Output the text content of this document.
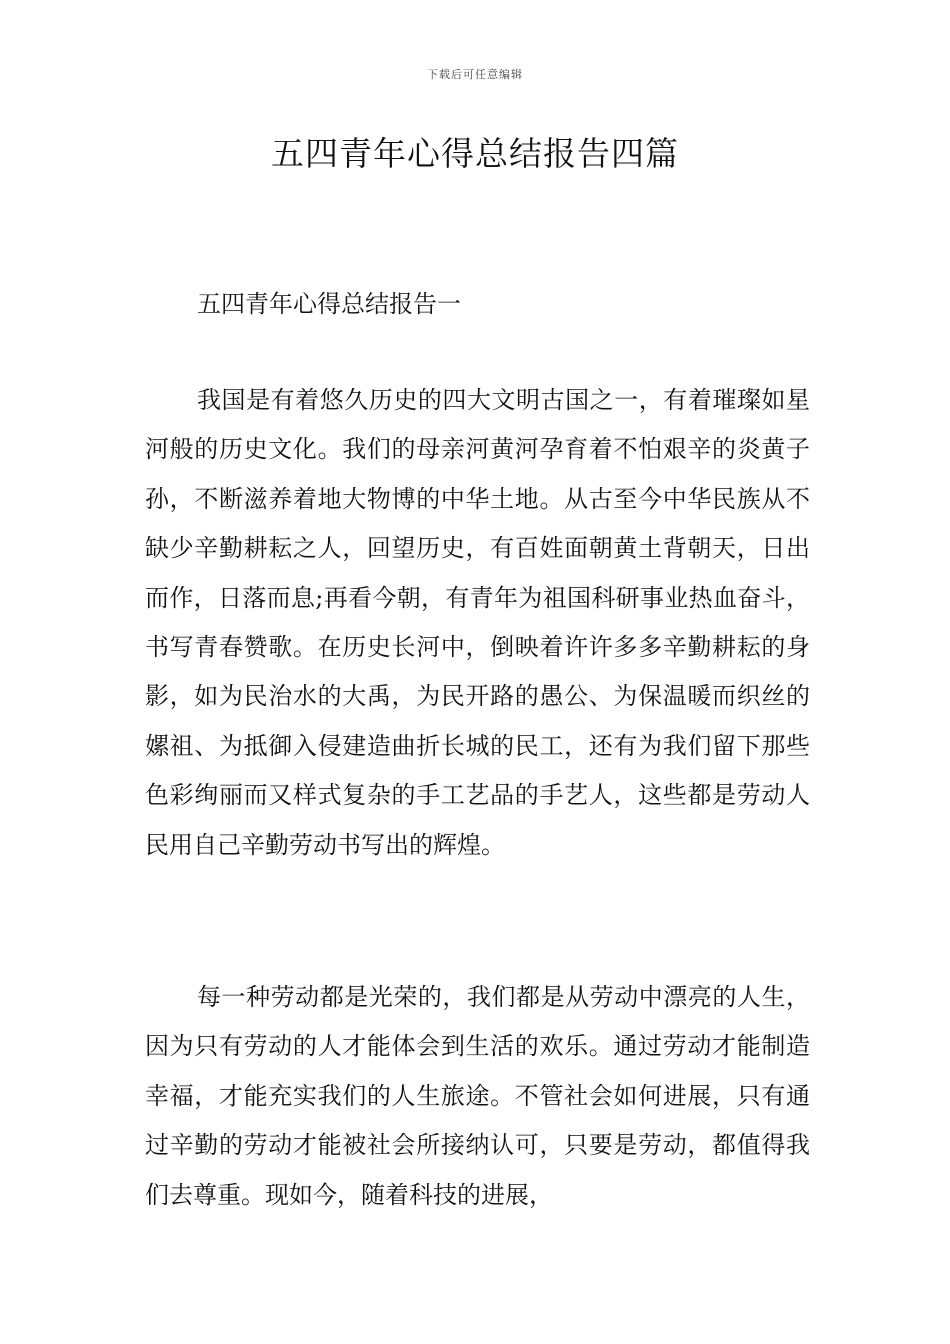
下载后可任意编辑
五四青年心得总结报告四篇
五四青年心得总结报告一

我国是有着悠久历史的四大文明古国之一，有着璀璨如星河般的历史文化。我们的母亲河黄河孕育着不怕艰辛的炎黄子孙，不断滋养着地大物博的中华土地。从古至今中华民族从不缺少辛勤耕耘之人，回望历史，有百姓面朝黄土背朝天，日出而作，日落而息;再看今朝，有青年为祖国科研事业热血奋斗，书写青春赞歌。在历史长河中，倒映着许许多多辛勤耕耘的身影，如为民治水的大禹，为民开路的愚公、为保温暖而织丝的嫘祖、为抵御入侵建造曲折长城的民工，还有为我们留下那些色彩绚丽而又样式复杂的手工艺品的手艺人，这些都是劳动人民用自己辛勤劳动书写出的辉煌。

每一种劳动都是光荣的，我们都是从劳动中漂亮的人生，因为只有劳动的人才能体会到生活的欢乐。通过劳动才能制造幸福，才能充实我们的人生旅途。不管社会如何进展，只有通过辛勤的劳动才能被社会所接纳认可，只要是劳动，都值得我们去尊重。现如今，随着科技的进展，
